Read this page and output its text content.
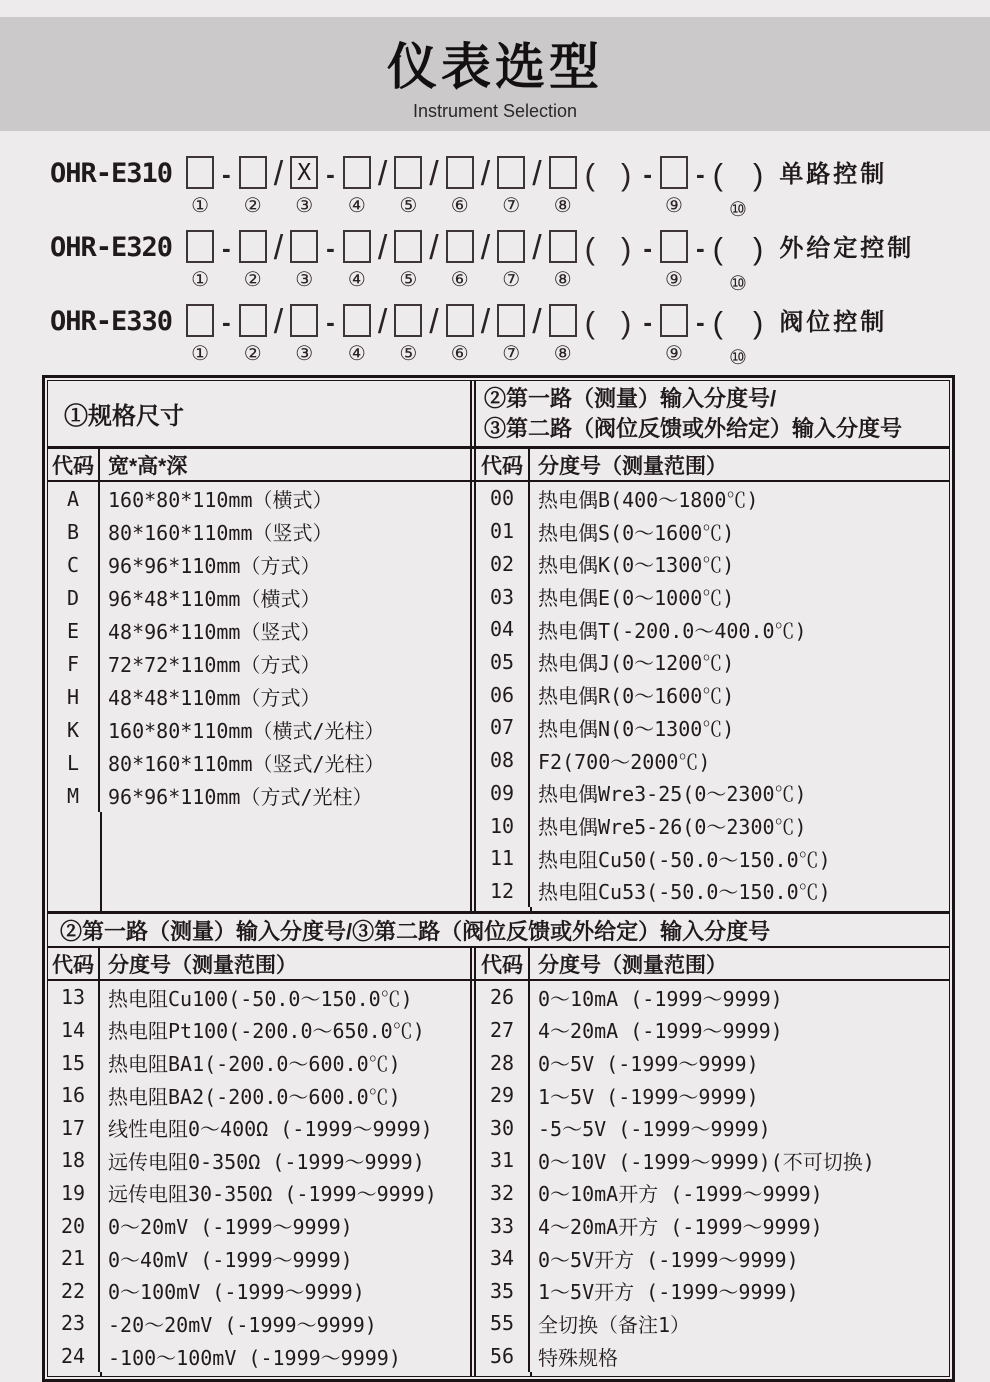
仪表选型
Instrument Selection
OHR-E310
①
-
②
/ X
③
-
④
/
⑤
/
⑥
/
⑦
/
⑧
( ) -
⑨
- ( )
⑩
单路控制
OHR-E320
①
-
②
/
③
-
④
/
⑤
/
⑥
/
⑦
/
⑧
( ) -
⑨
- ( )
⑩
外给定控制
OHR-E330
①
-
②
/
③
-
④
/
⑤
/
⑥
/
⑦
/
⑧
( ) -
⑨
- ( )
⑩
阀位控制
①规格尺寸
②第一路（测量）输入分度号/
③第二路（阀位反馈或外给定）输入分度号
代码 宽*高*深	代码 分度号（测量范围）
A	160*80*110mm（横式）
B	80*160*110mm（竖式）
C	96*96*110mm（方式）
D	96*48*110mm（横式）
E	48*96*110mm（竖式）
F	72*72*110mm（方式）
H	48*48*110mm（方式）
K	160*80*110mm（横式/光柱）
L	80*160*110mm（竖式/光柱）
M	96*96*110mm（方式/光柱）
00	热电偶B(400～1800℃)
01	热电偶S(0～1600℃)
02	热电偶K(0～1300℃)
03	热电偶E(0～1000℃)
04	热电偶T(-200.0～400.0℃)
05	热电偶J(0～1200℃)
06	热电偶R(0～1600℃)
07	热电偶N(0～1300℃)
08	F2(700～2000℃)
09	热电偶Wre3-25(0～2300℃)
10	热电偶Wre5-26(0～2300℃)
11	热电阻Cu50(-50.0～150.0℃)
12	热电阻Cu53(-50.0～150.0℃)
②第一路（测量）输入分度号/③第二路（阀位反馈或外给定）输入分度号
代码 分度号（测量范围）	代码 分度号（测量范围）
13	热电阻Cu100(-50.0～150.0℃)
14	热电阻Pt100(-200.0～650.0℃)
15	热电阻BA1(-200.0～600.0℃)
16	热电阻BA2(-200.0～600.0℃)
17	线性电阻0～400Ω (-1999～9999)
18	远传电阻0-350Ω (-1999～9999)
19	远传电阻30-350Ω (-1999～9999)
20	0～20mV (-1999～9999)
21	0～40mV (-1999～9999)
22	0～100mV (-1999～9999)
23	-20～20mV (-1999～9999)
24	-100～100mV (-1999～9999)
26	0～10mA (-1999～9999)
27	4～20mA (-1999～9999)
28	0～5V (-1999～9999)
29	1～5V (-1999～9999)
30	-5～5V (-1999～9999)
31	0～10V (-1999～9999)(不可切换)
32	0～10mA开方 (-1999～9999)
33	4～20mA开方 (-1999～9999)
34	0～5V开方 (-1999～9999)
35	1～5V开方 (-1999～9999)
55	全切换（备注1）
56	特殊规格
